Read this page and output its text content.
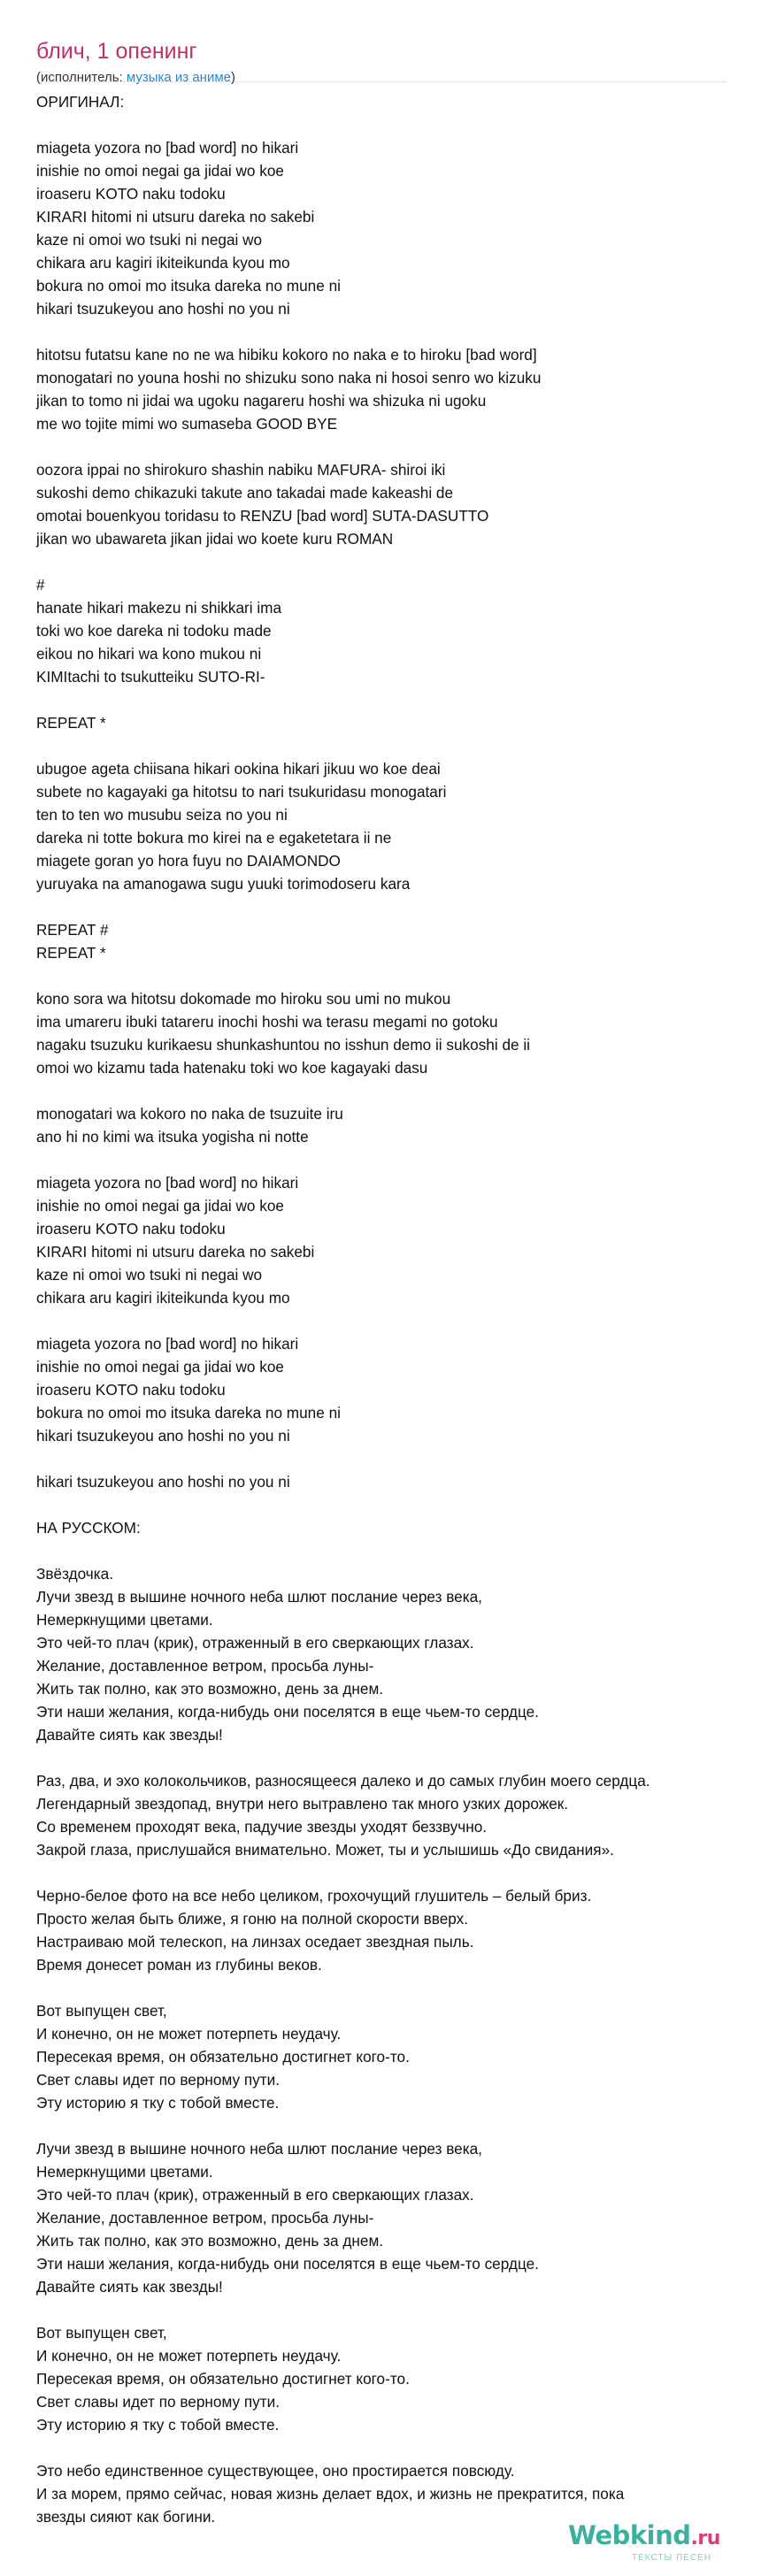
блич, 1 опенинг
(исполнитель: музыка из аниме)
ОРИГИНАЛ:
miageta yozora no [bad word] no hikari
inishie no omoi negai ga jidai wo koe
iroaseru KOTO naku todoku
KIRARI hitomi ni utsuru dareka no sakebi
kaze ni omoi wo tsuki ni negai wo
chikara aru kagiri ikiteikunda kyou mo
bokura no omoi mo itsuka dareka no mune ni
hikari tsuzukeyou ano hoshi no you ni
hitotsu futatsu kane no ne wa hibiku kokoro no naka e to hiroku [bad word]
monogatari no youna hoshi no shizuku sono naka ni hosoi senro wo kizuku
jikan to tomo ni jidai wa ugoku nagareru hoshi wa shizuka ni ugoku
me wo tojite mimi wo sumaseba GOOD BYE
oozora ippai no shirokuro shashin nabiku MAFURA- shiroi iki
sukoshi demo chikazuki takute ano takadai made kakeashi de
omotai bouenkyou toridasu to RENZU [bad word] SUTA-DASUTTO
jikan wo ubawareta jikan jidai wo koete kuru ROMAN
#
hanate hikari makezu ni shikkari ima
toki wo koe dareka ni todoku made
eikou no hikari wa kono mukou ni
KIMItachi to tsukutteiku SUTO-RI-
REPEAT *
ubugoe ageta chiisana hikari ookina hikari jikuu wo koe deai
subete no kagayaki ga hitotsu to nari tsukuridasu monogatari
ten to ten wo musubu seiza no you ni
dareka ni totte bokura mo kirei na e egaketetara ii ne
miagete goran yo hora fuyu no DAIAMONDO
yuruyaka na amanogawa sugu yuuki torimodoseru kara
REPEAT #
REPEAT *
kono sora wa hitotsu dokomade mo hiroku sou umi no mukou
ima umareru ibuki tatareru inochi hoshi wa terasu megami no gotoku
nagaku tsuzuku kurikaesu shunkashuntou no isshun demo ii sukoshi de ii
omoi wo kizamu tada hatenaku toki wo koe kagayaki dasu
monogatari wa kokoro no naka de tsuzuite iru
ano hi no kimi wa itsuka yogisha ni notte
miageta yozora no [bad word] no hikari
inishie no omoi negai ga jidai wo koe
iroaseru KOTO naku todoku
KIRARI hitomi ni utsuru dareka no sakebi
kaze ni omoi wo tsuki ni negai wo
chikara aru kagiri ikiteikunda kyou mo
miageta yozora no [bad word] no hikari
inishie no omoi negai ga jidai wo koe
iroaseru KOTO naku todoku
bokura no omoi mo itsuka dareka no mune ni
hikari tsuzukeyou ano hoshi no you ni
hikari tsuzukeyou ano hoshi no you ni
НА РУССКОМ:
Звёздочка.
Лучи звезд в вышине ночного неба шлют послание через века,
Немеркнущими цветами.
Это чей-то плач (крик), отраженный в его сверкающих глазах.
Желание, доставленное ветром, просьба луны-
Жить так полно, как это возможно, день за днем.
Эти наши желания, когда-нибудь они поселятся в еще чьем-то сердце.
Давайте сиять как звезды!
Раз, два, и эхо колокольчиков, разносящееся далеко и до самых глубин моего сердца.
Легендарный звездопад, внутри него вытравлено так много узких дорожек.
Со временем проходят века, падучие звезды уходят беззвучно.
Закрой глаза, прислушайся внимательно. Может, ты и услышишь «До свидания».
Черно-белое фото на все небо целиком, грохочущий глушитель – белый бриз.
Просто желая быть ближе, я гоню на полной скорости вверх.
Настраиваю мой телескоп, на линзах оседает звездная пыль.
Время донесет роман из глубины веков.
Вот выпущен свет,
И конечно, он не может потерпеть неудачу.
Пересекая время, он обязательно достигнет кого-то.
Свет славы идет по верному пути.
Эту историю я тку с тобой вместе.
Лучи звезд в вышине ночного неба шлют послание через века,
Немеркнущими цветами.
Это чей-то плач (крик), отраженный в его сверкающих глазах.
Желание, доставленное ветром, просьба луны-
Жить так полно, как это возможно, день за днем.
Эти наши желания, когда-нибудь они поселятся в еще чьем-то сердце.
Давайте сиять как звезды!
Вот выпущен свет,
И конечно, он не может потерпеть неудачу.
Пересекая время, он обязательно достигнет кого-то.
Свет славы идет по верному пути.
Эту историю я тку с тобой вместе.
Это небо единственное существующее, оно простирается повсюду.
И за морем, прямо сейчас, новая жизнь делает вдох, и жизнь не прекратится, пока
звезды сияют как богини.
Webkind.ru
ТЕКСТЫ ПЕСЕН
